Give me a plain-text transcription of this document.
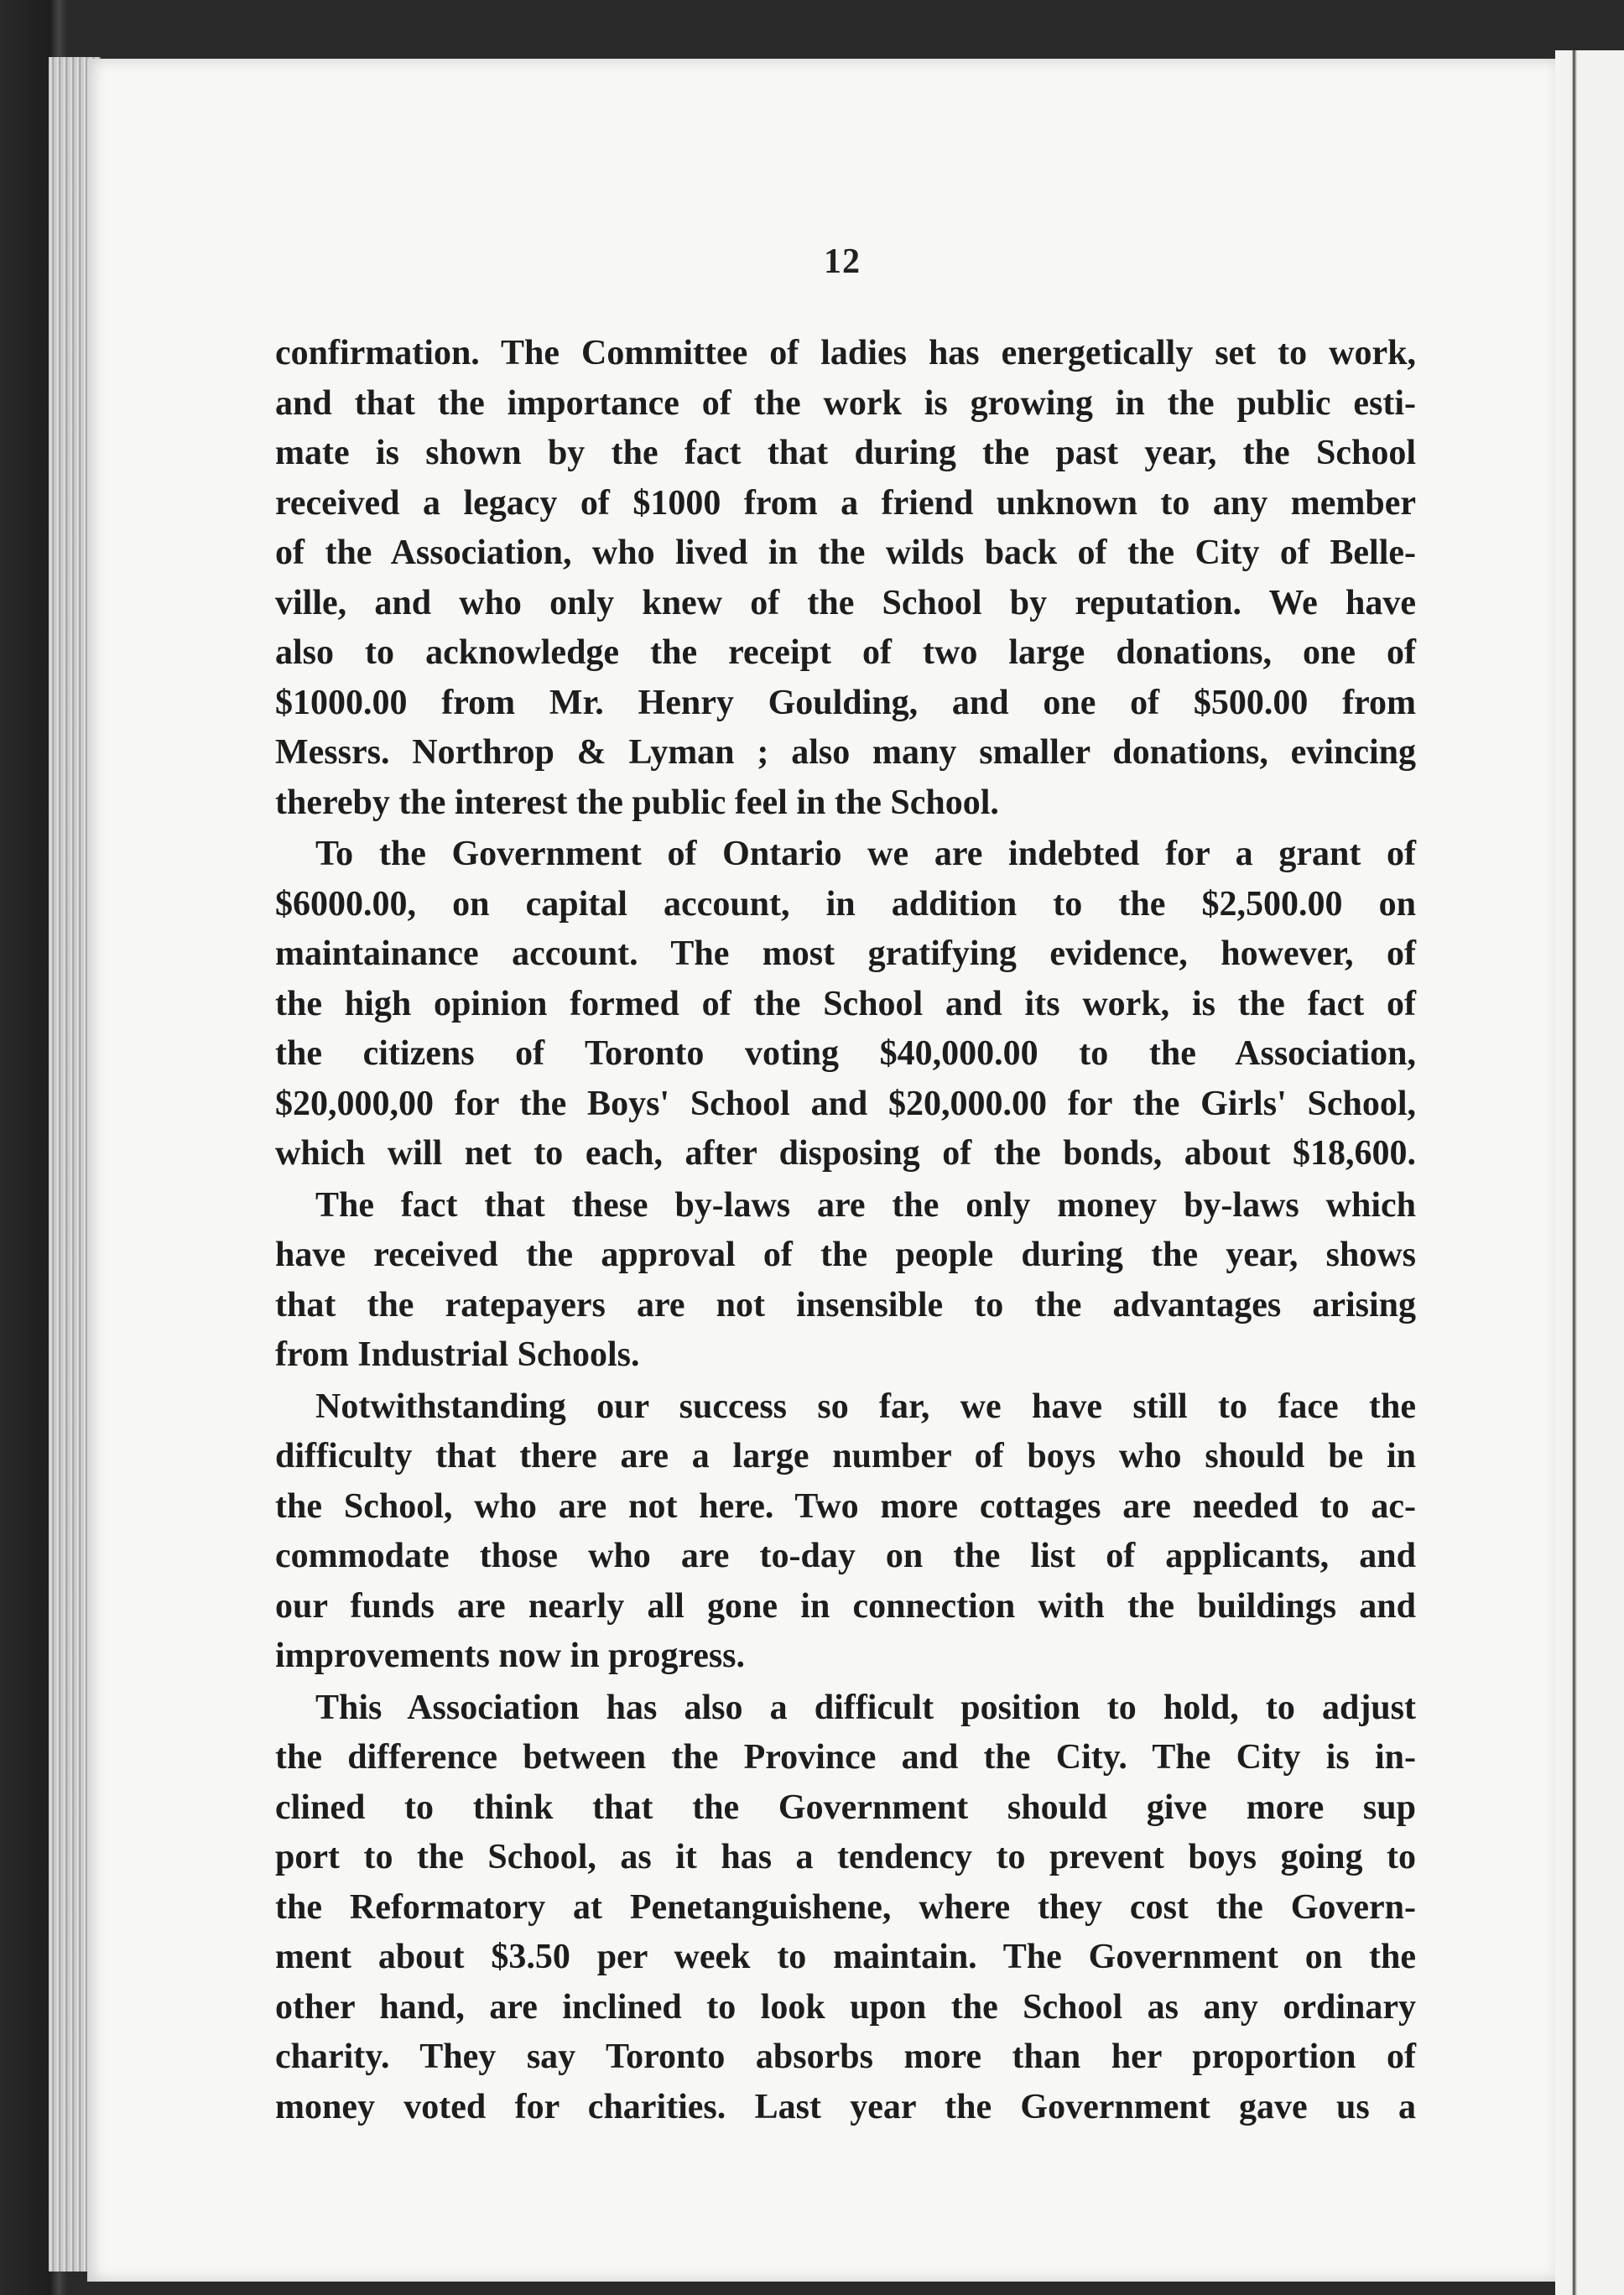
12
confirmation. The Committee of ladies has energetically set to work,
and that the importance of the work is growing in the public esti-
mate is shown by the fact that during the past year, the School
received a legacy of $1000 from a friend unknown to any member
of the Association, who lived in the wilds back of the City of Belle-
ville, and who only knew of the School by reputation. We have
also to acknowledge the receipt of two large donations, one of
$1000.00 from Mr. Henry Goulding, and one of $500.00 from
Messrs. Northrop & Lyman ; also many smaller donations, evincing
thereby the interest the public feel in the School.
To the Government of Ontario we are indebted for a grant of
$6000.00, on capital account, in addition to the $2,500.00 on
maintainance account. The most gratifying evidence, however, of
the high opinion formed of the School and its work, is the fact of
the citizens of Toronto voting $40,000.00 to the Association,
$20,000,00 for the Boys' School and $20,000.00 for the Girls' School,
which will net to each, after disposing of the bonds, about $18,600.
The fact that these by-laws are the only money by-laws which
have received the approval of the people during the year, shows
that the ratepayers are not insensible to the advantages arising
from Industrial Schools.
Notwithstanding our success so far, we have still to face the
difficulty that there are a large number of boys who should be in
the School, who are not here. Two more cottages are needed to ac-
commodate those who are to-day on the list of applicants, and
our funds are nearly all gone in connection with the buildings and
improvements now in progress.
This Association has also a difficult position to hold, to adjust
the difference between the Province and the City. The City is in-
clined to think that the Government should give more sup
port to the School, as it has a tendency to prevent boys going to
the Reformatory at Penetanguishene, where they cost the Govern-
ment about $3.50 per week to maintain. The Government on the
other hand, are inclined to look upon the School as any ordinary
charity. They say Toronto absorbs more than her proportion of
money voted for charities. Last year the Government gave us a
